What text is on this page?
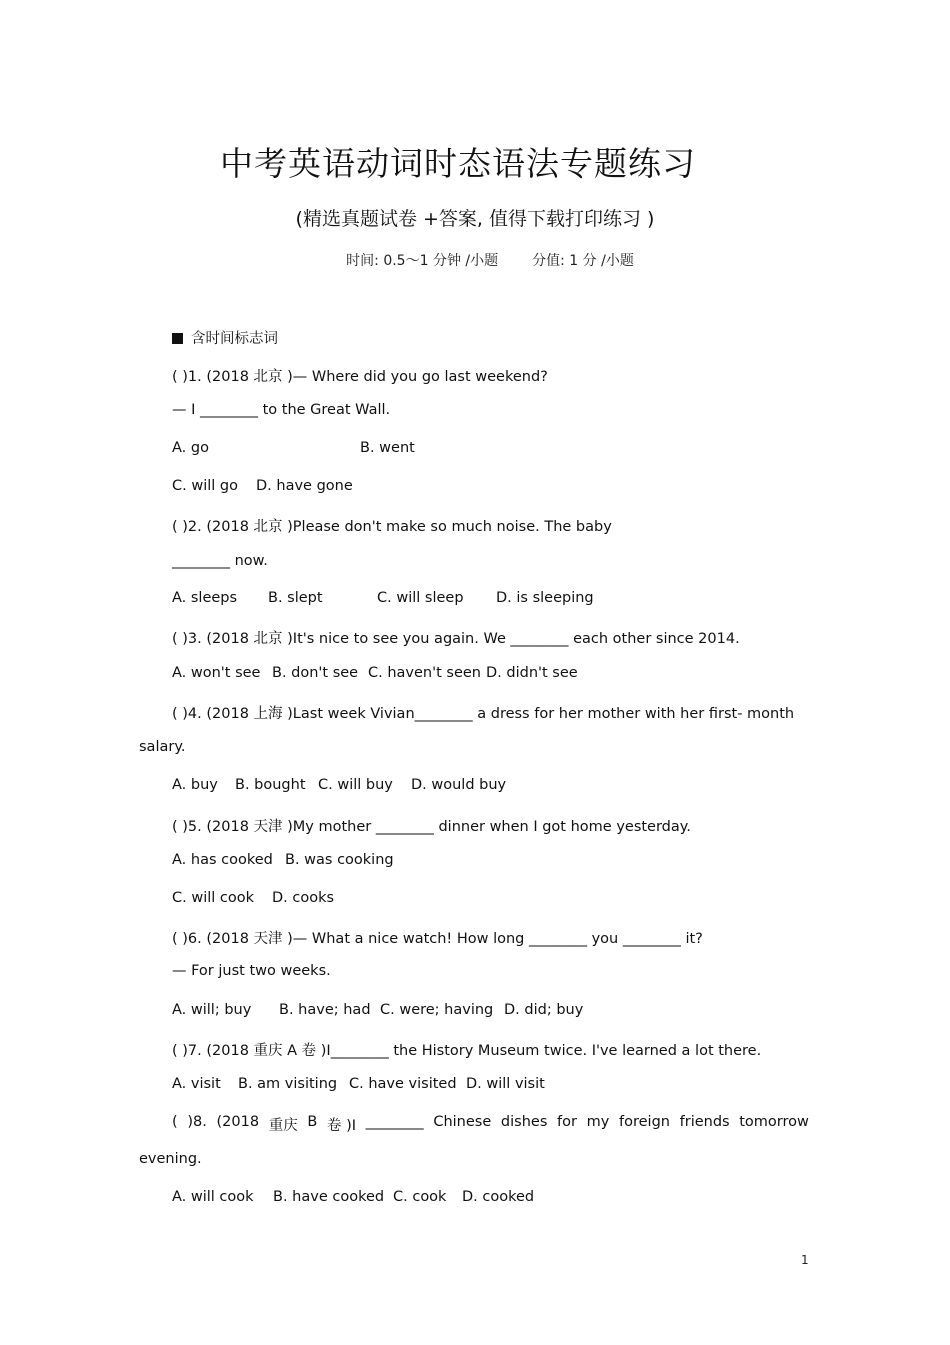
中考英语动词时态语法专题练习
(精选真题试卷 +答案, 值得下载打印练习 )
时间: 0.5～1 分钟 /小题 分值: 1 分 /小题
含时间标志词
( )1. (2018 北京 )— Where did you go last weekend?
— I ________ to the Great Wall.
A. go	B. went
C. will go D. have gone
( )2. (2018 北京 )Please don't make so much noise. The baby
________ now.
A. sleeps B. slept	C. will sleep D. is sleeping
( )3. (2018 北京 )It's nice to see you again. We ________ each other since 2014.
A. won't see B. don't see C. haven't seen D. didn't see
( )4. (2018 上海 )Last week Vivian________ a dress for her mother with her first- month
salary.
A. buy B. bought C. will buy D. would buy
( )5. (2018 天津 )My mother ________ dinner when I got home yesterday.
A. has cooked B. was cooking
C. will cook D. cooks
( )6. (2018 天津 )— What a nice watch! How long ________ you ________ it?
— For just two weeks.
A. will; buy B. have; had C. were; having D. did; buy
( )7. (2018 重庆 A 卷 )I________ the History Museum twice. I've learned a lot there.
A. visit B. am visiting C. have visited D. will visit
( )8. (2018 重庆 B 卷 )I ________ Chinese dishes for my foreign friends tomorrow
evening.
A. will cook B. have cooked C. cook D. cooked
1
